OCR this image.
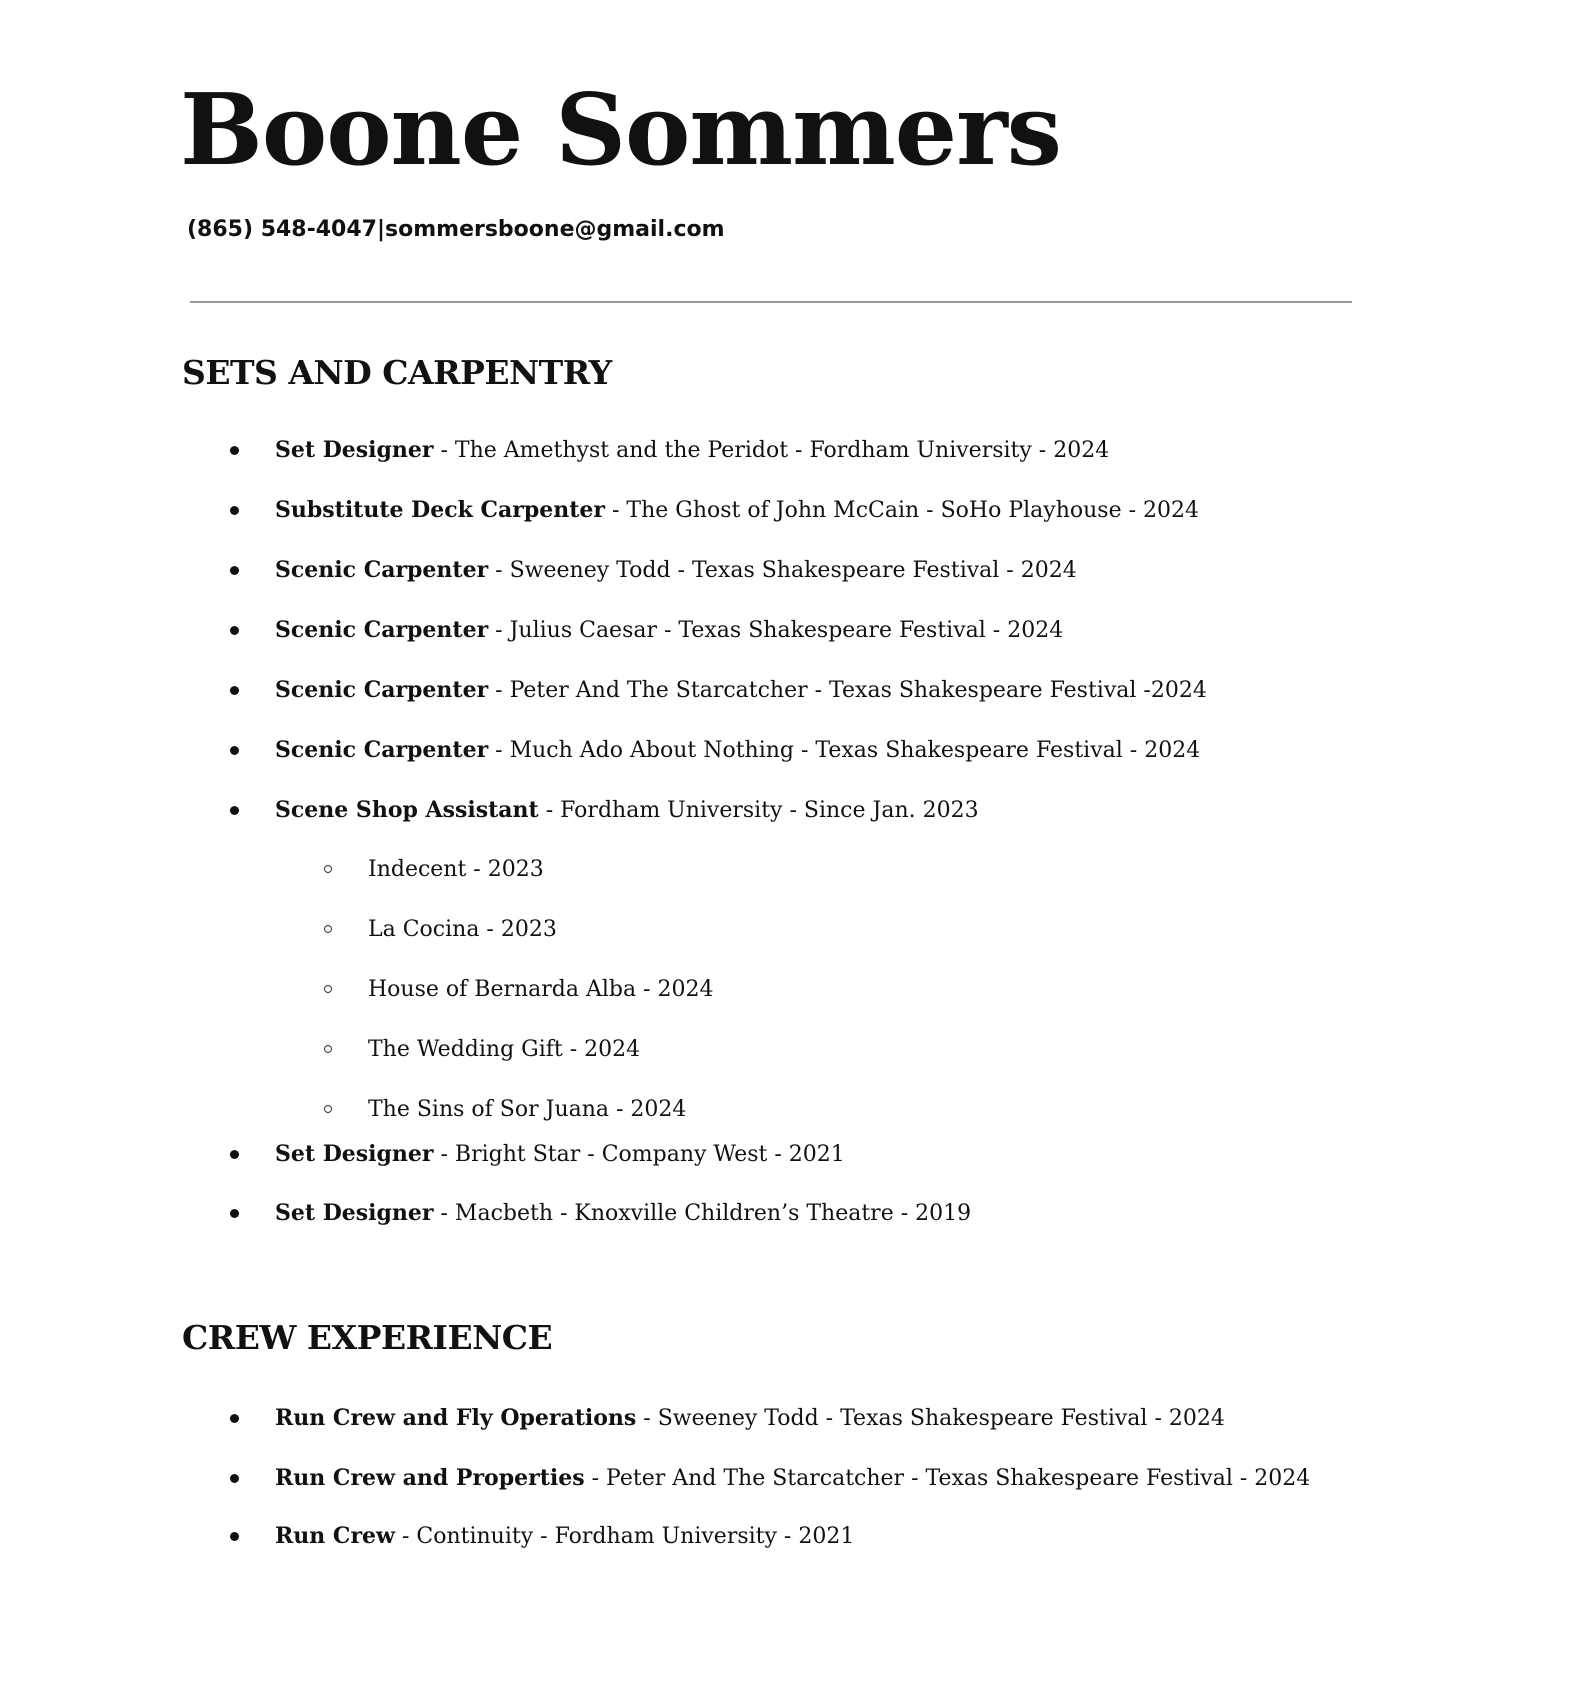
Boone Sommers
(865) 548-4047|sommersboone@gmail.com
SETS AND CARPENTRY
Set Designer - The Amethyst and the Peridot - Fordham University - 2024
Substitute Deck Carpenter - The Ghost of John McCain - SoHo Playhouse - 2024
Scenic Carpenter - Sweeney Todd - Texas Shakespeare Festival - 2024
Scenic Carpenter - Julius Caesar - Texas Shakespeare Festival - 2024
Scenic Carpenter - Peter And The Starcatcher - Texas Shakespeare Festival -2024
Scenic Carpenter - Much Ado About Nothing - Texas Shakespeare Festival - 2024
Scene Shop Assistant - Fordham University - Since Jan. 2023
Indecent - 2023
La Cocina - 2023
House of Bernarda Alba - 2024
The Wedding Gift - 2024
The Sins of Sor Juana - 2024
Set Designer - Bright Star - Company West - 2021
Set Designer - Macbeth - Knoxville Children’s Theatre - 2019
CREW EXPERIENCE
Run Crew and Fly Operations - Sweeney Todd - Texas Shakespeare Festival - 2024
Run Crew and Properties - Peter And The Starcatcher - Texas Shakespeare Festival - 2024
Run Crew - Continuity - Fordham University - 2021
